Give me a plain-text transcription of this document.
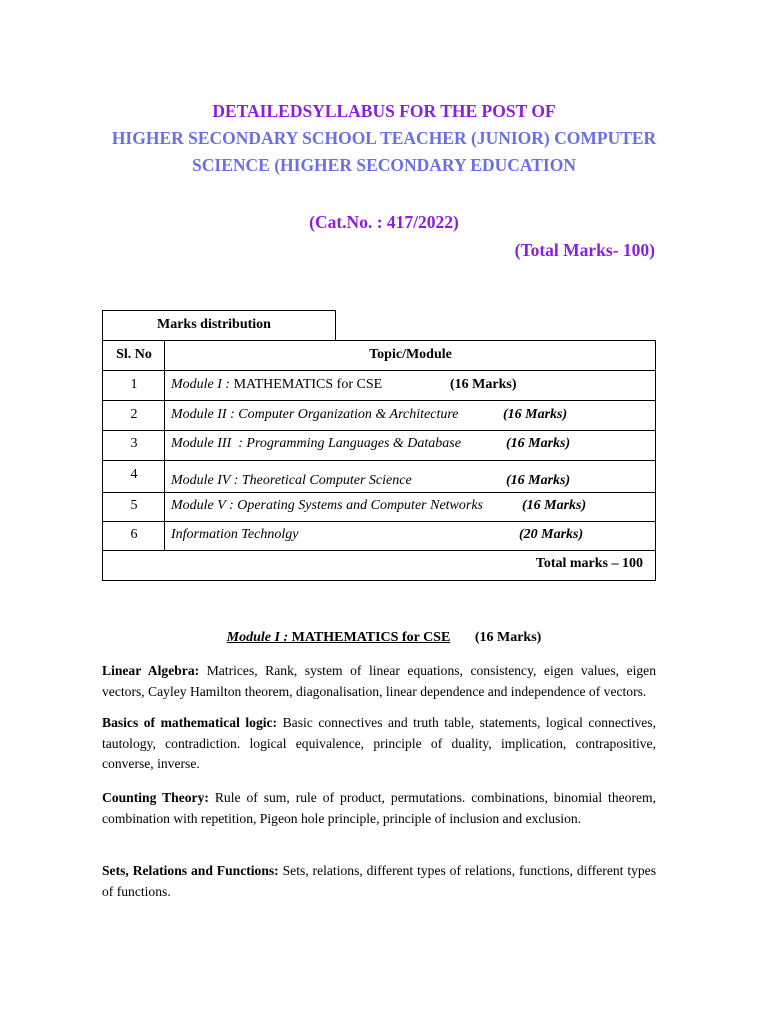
DETAILEDSYLLABUS FOR THE POST OF
HIGHER SECONDARY SCHOOL TEACHER (JUNIOR) COMPUTER
SCIENCE (HIGHER SECONDARY EDUCATION
(Cat.No. : 417/2022)
(Total Marks- 100)
Marks distribution
Sl. No	Topic/Module
1	Module I : MATHEMATICS for CSE	(16 Marks)
2	Module II : Computer Organization & Architecture	(16 Marks)
3	Module III  : Programming Languages & Database	(16 Marks)
4	Module IV : Theoretical Computer Science	(16 Marks)
5	Module V : Operating Systems and Computer Networks	(16 Marks)
6	Information Technolgy	(20 Marks)
Total marks – 100
Module I : MATHEMATICS for CSE (16 Marks)
Linear Algebra: Matrices, Rank, system of linear equations, consistency, eigen values, eigen vectors, Cayley Hamilton theorem, diagonalisation, linear dependence and independence of vectors.
Basics of mathematical logic: Basic connectives and truth table, statements, logical connectives, tautology, contradiction. logical equivalence, principle of duality, implication, contrapositive, converse, inverse.
Counting Theory: Rule of sum, rule of product, permutations. combinations, binomial theorem, combination with repetition, Pigeon hole principle, principle of inclusion and exclusion.
Sets, Relations and Functions: Sets, relations, different types of relations, functions, different types of functions.
